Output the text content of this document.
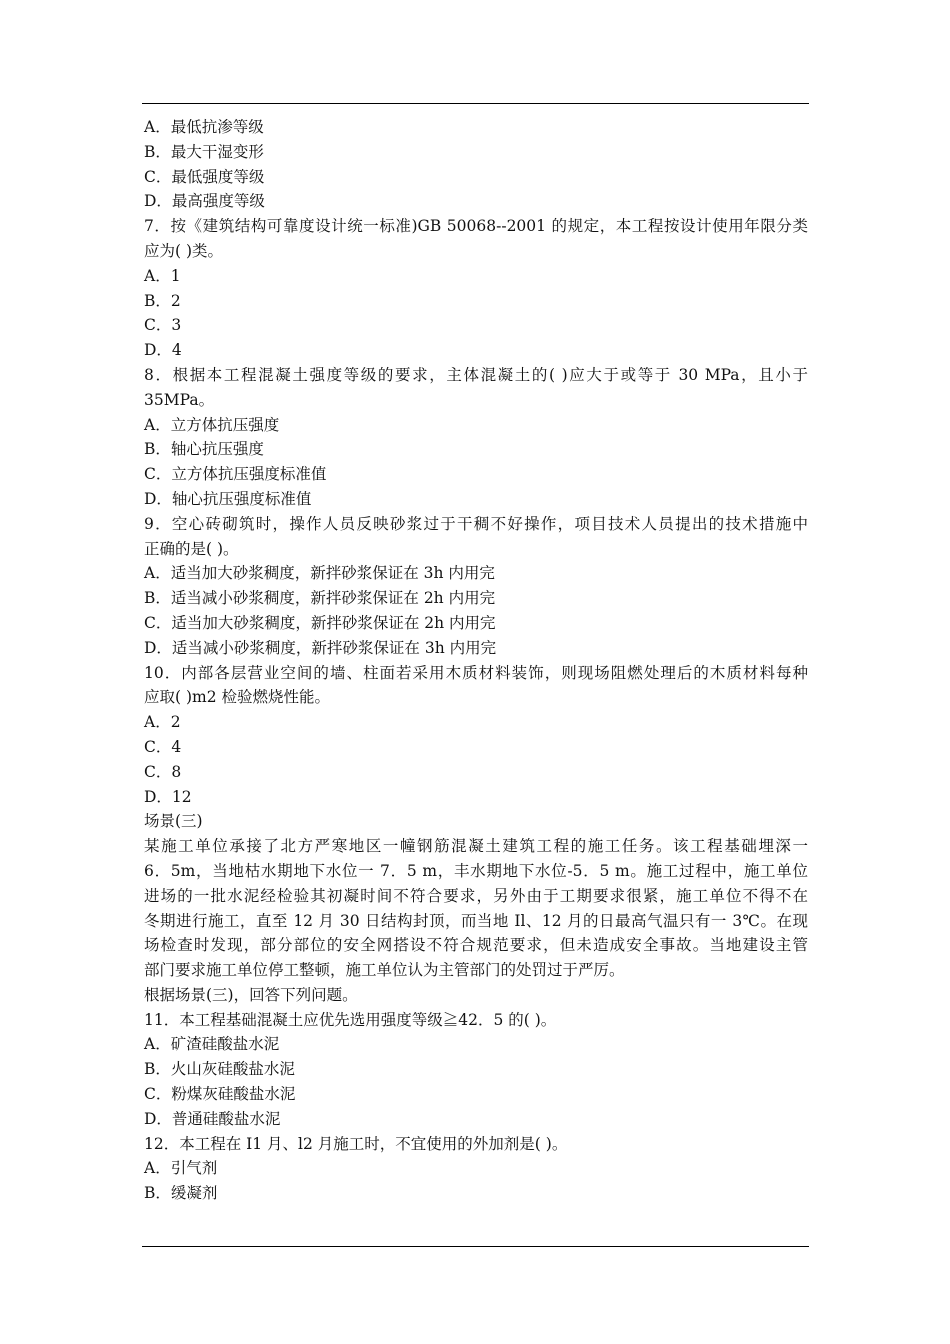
A．最低抗渗等级
B．最大干湿变形
C．最低强度等级
D．最高强度等级
7．按《建筑结构可靠度设计统一标准)GB 50068--2001 的规定，本工程按设计使用年限分类
应为( )类。
A．1
B．2
C．3
D．4
8．根据本工程混凝土强度等级的要求，主体混凝土的( )应大于或等于 30 MPa，且小于
35MPa。
A．立方体抗压强度
B．轴心抗压强度
C．立方体抗压强度标准值
D．轴心抗压强度标准值
9．空心砖砌筑时，操作人员反映砂浆过于干稠不好操作，项目技术人员提出的技术措施中
正确的是( )。
A．适当加大砂浆稠度，新拌砂浆保证在 3h 内用完
B．适当减小砂浆稠度，新拌砂浆保证在 2h 内用完
C．适当加大砂浆稠度，新拌砂浆保证在 2h 内用完
D．适当减小砂浆稠度，新拌砂浆保证在 3h 内用完
10．内部各层营业空间的墙、柱面若采用木质材料装饰，则现场阻燃处理后的木质材料每种
应取( )m2 检验燃烧性能。
A．2
C．4
C．8
D．12
场景(三)
某施工单位承接了北方严寒地区一幢钢筋混凝土建筑工程的施工任务。该工程基础埋深一
6．5m，当地枯水期地下水位一 7．5 m，丰水期地下水位-5．5 m。施工过程中，施工单位
进场的一批水泥经检验其初凝时间不符合要求，另外由于工期要求很紧，施工单位不得不在
冬期进行施工，直至 12 月 30 日结构封顶，而当地 Il、12 月的日最高气温只有一 3℃。在现
场检查时发现，部分部位的安全网搭设不符合规范要求，但未造成安全事故。当地建设主管
部门要求施工单位停工整顿，施工单位认为主管部门的处罚过于严厉。
根据场景(三)，回答下列问题。
11．本工程基础混凝土应优先选用强度等级≧42．5 的( )。
A．矿渣硅酸盐水泥
B．火山灰硅酸盐水泥
C．粉煤灰硅酸盐水泥
D．普通硅酸盐水泥
12．本工程在 I1 月、l2 月施工时，不宜使用的外加剂是( )。
A．引气剂
B．缓凝剂
